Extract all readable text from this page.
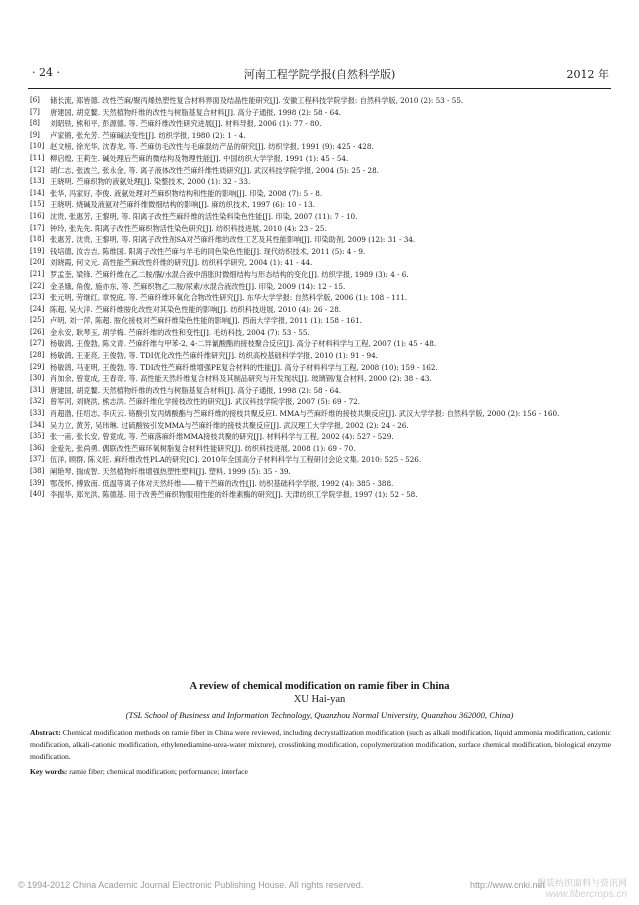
· 24 ·	河南工程学院学报(自然科学版)	2012 年
[6] 储长流, 郑皆德. 改性苎麻/聚丙烯热塑性复合材料界面及结晶性能研究[J]. 安徽工程科技学院学报: 自然科学版, 2010 (2): 53 - 55.
[7] 唐建国, 胡克鳌. 天然植物纤维的改性与树脂基复合材料[J]. 高分子通报, 1998 (2): 58 - 64.
[8] 刘昭铁, 熊和平, 彭源德, 等. 苎麻纤维改性研究进展[J]. 材料导报, 2006 (1): 77 - 80.
[9] 卢家锵, 张允芳. 苎麻碱法变性[J]. 纺织学报, 1980 (2): 1 - 4.
[10] 赵文榜, 徐光华, 沈春龙, 等. 苎麻仿毛改性与毛麻混纺产品的研究[J]. 纺织学报, 1991 (9): 425 - 428.
[11] 柳启煌, 王莉生. 碱处理后苎麻的微结构及物理性能[J]. 中国纺织大学学报, 1991 (1): 45 - 54.
[12] 胡仁志, 张波兰, 张永金, 等. 离子液体改性苎麻纤维性质研究[J]. 武汉科技学院学报, 2004 (5): 25 - 28.
[13] 王晓明. 苎麻织物的液氨处理[J]. 染整技术, 2000 (1): 32 - 33.
[14] 张华, 冯家好, 李俊. 液氨处理对苎麻织物结构和性能的影响[J]. 印染, 2008 (7): 5 - 8.
[15] 王晓明. 烧碱及液氨对苎麻纤维微细结构的影响[J]. 麻纺织技术, 1997 (6): 10 - 13.
[16] 沈贵, 张惠芳, 王黎明, 等. 阳离子改性苎麻纤维的活性染料染色性能[J]. 印染, 2007 (11): 7 - 10.
[17] 钟玲, 张先先. 阳离子改性苎麻织物活性染色研究[J]. 纺织科技进展, 2010 (4): 23 - 25.
[18] 张惠芳, 沈贵, 王黎明, 等. 阳离子改性剂SA对苎麻纤维的改性工艺及其性能影响[J]. 印染助剂, 2009 (12): 31 - 34.
[19] 钱培德, 汝吉吉, 陈维国. 阳离子改性苎麻与羊毛的同色染色性能[J]. 现代纺织技术, 2011 (5): 4 - 9.
[20] 刘晓霞, 何文元. 高性能苎麻改性纤维的研究[J]. 纺织科学研究, 2004 (1): 41 - 44.
[21] 罗孟奎, 梁锋. 苎麻纤维在乙二胺/脲/水混合液中溶胀时微细结构与形态结构的变化[J]. 纺织学报, 1989 (3): 4 - 6.
[22] 金圣娥, 角俊, 施亦东, 等. 苎麻织物乙二胺/尿素/水混合液改性[J]. 印染, 2009 (14): 12 - 15.
[23] 张元明, 劳继红, 章悦庭, 等. 苎麻纤维环氧化合物改性研究[J]. 东华大学学报: 自然科学版, 2006 (1): 108 - 111.
[24] 陈超, 吴大洋. 苎麻纤维胺化改性对其染色性能的影响[J]. 纺织科技进展, 2010 (4): 26 - 28.
[25] 卢明, 刘一萍, 陈超. 胺化接枝对苎麻纤维染色性能的影响[J]. 西南大学学报, 2011 (1): 158 - 161.
[26] 金永安, 耿琴玉, 胡学梅. 苎麻纤维的改性和变性[J]. 毛纺科技, 2004 (7): 53 - 55.
[27] 杨敏鸽, 王俊勃, 陈文青. 苎麻纤维与甲苯-2, 4-二异氰酸酯的接枝聚合反应[J]. 高分子材料科学与工程, 2007 (1): 45 - 48.
[28] 杨敏鸽, 王亚亮, 王俊勃, 等. TDI优化改性苎麻纤维研究[J]. 纺织高校基础科学学报, 2010 (1): 91 - 94.
[29] 杨敏鸽, 马亚明, 王俊勃, 等. TDI改性苎麻纤维增强PE复合材料的性能[J]. 高分子材料科学与工程, 2008 (10): 159 - 162.
[30] 肖加余, 曾竟成, 王春奇, 等. 高性能天然纤维复合材料及其制品研究与开发现状[J]. 玻璃钢/复合材料, 2000 (2): 38 - 43.
[31] 唐建国, 胡克鳌. 天然植物纤维的改性与树脂基复合材料[J]. 高分子通报, 1998 (2): 58 - 64.
[32] 曾军河, 刘晓洪, 熊志洪. 苎麻纤维化学接枝改性的研究[J]. 武汉科技学院学报, 2007 (5): 69 - 72.
[33] 肖超渤, 任绍志, 李庆云. 铬酸引发丙烯酸酯与苎麻纤维的接枝共聚反应I. MMA与苎麻纤维的接枝共聚反应[J]. 武汉大学学报: 自然科学版, 2000 (2): 156 - 160.
[34] 吴力立, 黄芳, 吴玮琳. 过硫酸铵引发MMA与苎麻纤维的接枝共聚反应[J]. 武汉理工大学学报, 2002 (2): 24 - 26.
[35] 张一甫, 张长安, 曾竟成, 等. 苎麻落麻纤维MMA接枝共聚的研究[J]. 材料科学与工程, 2002 (4): 527 - 529.
[36] 金爱先, 张尚勇. 偶联改性苎麻环氧树脂复合材料性能研究[J]. 纺织科技进展, 2008 (1): 69 - 70.
[37] 伍洋, 顾群, 陈义旺. 麻纤维改性PLA的研究[C]. 2010年全国高分子材料科学与工程研讨会论文集. 2010: 525 - 526.
[38] 阐艳琴, 揣成智. 天然植物纤维增强热塑性塑料[J]. 塑料, 1999 (5): 35 - 39.
[39] 鄂茂怀, 傅致南. 低温等离子体对天然纤维——精干苎麻的改性[J]. 纺织基础科学学报, 1992 (4): 385 - 388.
[40] 李振华, 郑光洪, 陈德基. 用于改善苎麻织物服用性能的纤维素酶的研究[J]. 天津纺织工学院学报, 1997 (1): 52 - 58.
A review of chemical modification on ramie fiber in China
XU Hai-yan
(TSL School of Business and Information Technology, Quanzhou Normal University, Quanzhou 362000, China)
Abstract: Chemical modification methods on ramie fiber in China were reviewed, including decrystallization modification (such as alkali modification, liquid ammonia modification, cationic modification, alkali-cationic modification, ethylenediamine-urea-water mixture), crosslinking modification, copolymerization modification, surface chemical modification, biological enzyme modification.
Key words: ramie fiber; chemical modification; performance; interface
© 1994-2012 China Academic Journal Electronic Publishing House. All rights reserved.	http://www.cnki.net
服装纺织面料与资讯网
www.fibercrops.cn
